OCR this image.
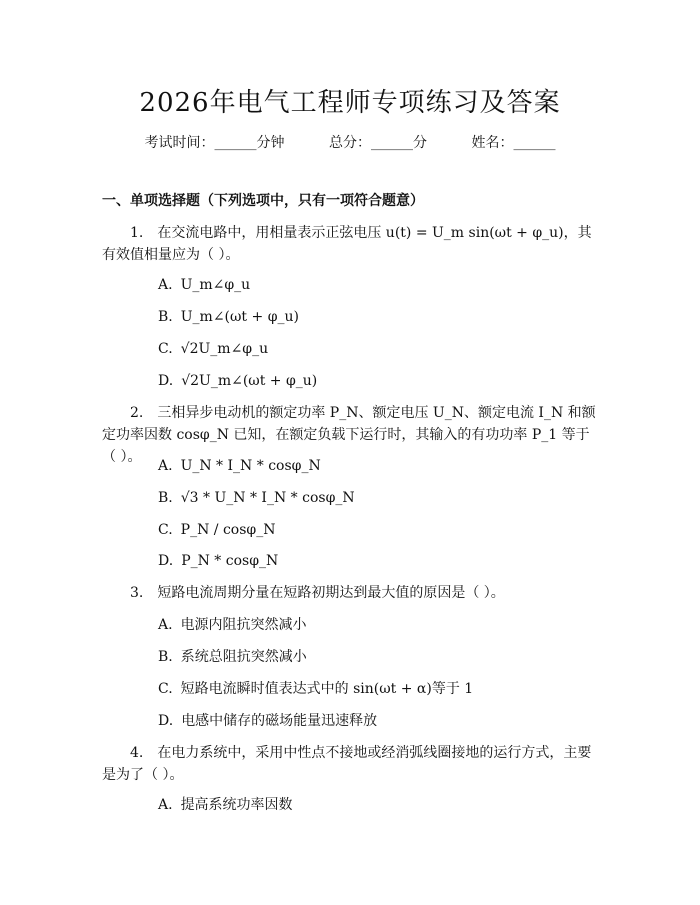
2026年电气工程师专项练习及答案
考试时间：______分钟	总分：______分	姓名：______
一、单项选择题（下列选项中，只有一项符合题意）
1. 在交流电路中，用相量表示正弦电压 u(t) = U_m sin(ωt + φ_u)，其有效值相量应为（ ）。
A. U_m∠φ_u
B. U_m∠(ωt + φ_u)
C. √2U_m∠φ_u
D. √2U_m∠(ωt + φ_u)
2. 三相异步电动机的额定功率 P_N、额定电压 U_N、额定电流 I_N 和额定功率因数 cosφ_N 已知，在额定负载下运行时，其输入的有功功率 P_1 等于（ ）。
A. U_N * I_N * cosφ_N
B. √3 * U_N * I_N * cosφ_N
C. P_N / cosφ_N
D. P_N * cosφ_N
3. 短路电流周期分量在短路初期达到最大值的原因是（ ）。
A. 电源内阻抗突然减小
B. 系统总阻抗突然减小
C. 短路电流瞬时值表达式中的 sin(ωt + α)等于 1
D. 电感中储存的磁场能量迅速释放
4. 在电力系统中，采用中性点不接地或经消弧线圈接地的运行方式，主要是为了（ ）。
A. 提高系统功率因数
